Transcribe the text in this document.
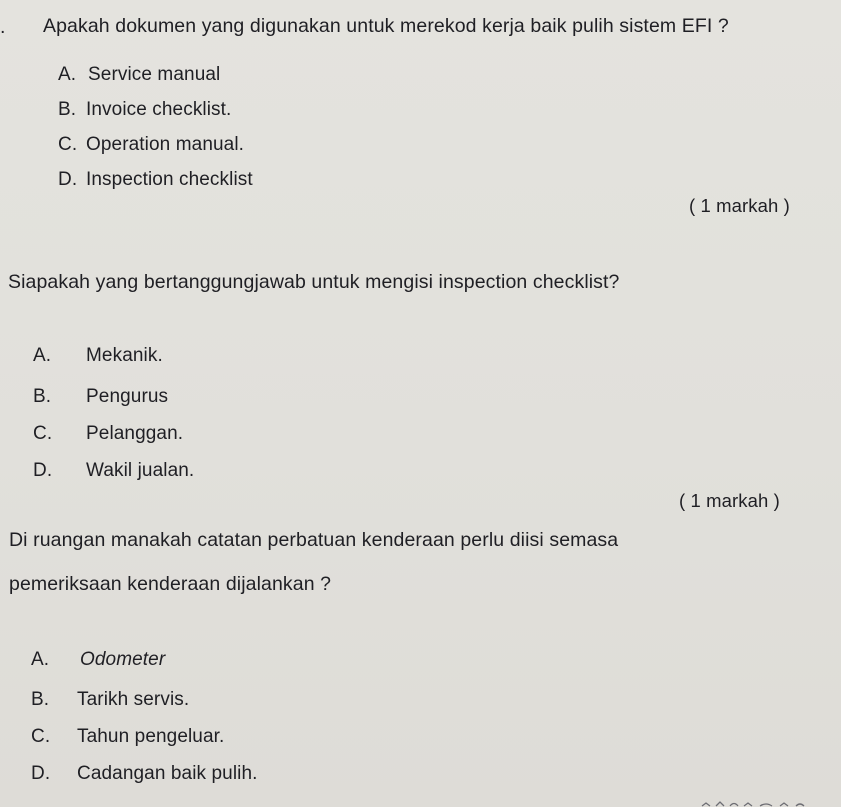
. Apakah dokumen yang digunakan untuk merekod kerja baik pulih sistem EFI ?
A. Service manual
B. Invoice checklist.
C. Operation manual.
D. Inspection checklist
( 1 markah )
Siapakah yang bertanggungjawab untuk mengisi inspection checklist?
A. Mekanik.
B. Pengurus
C. Pelanggan.
D. Wakil jualan.
( 1 markah )
Di ruangan manakah catatan perbatuan kenderaan perlu diisi semasa
pemeriksaan kenderaan dijalankan ?
A. Odometer
B. Tarikh servis.
C. Tahun pengeluar.
D. Cadangan baik pulih.
